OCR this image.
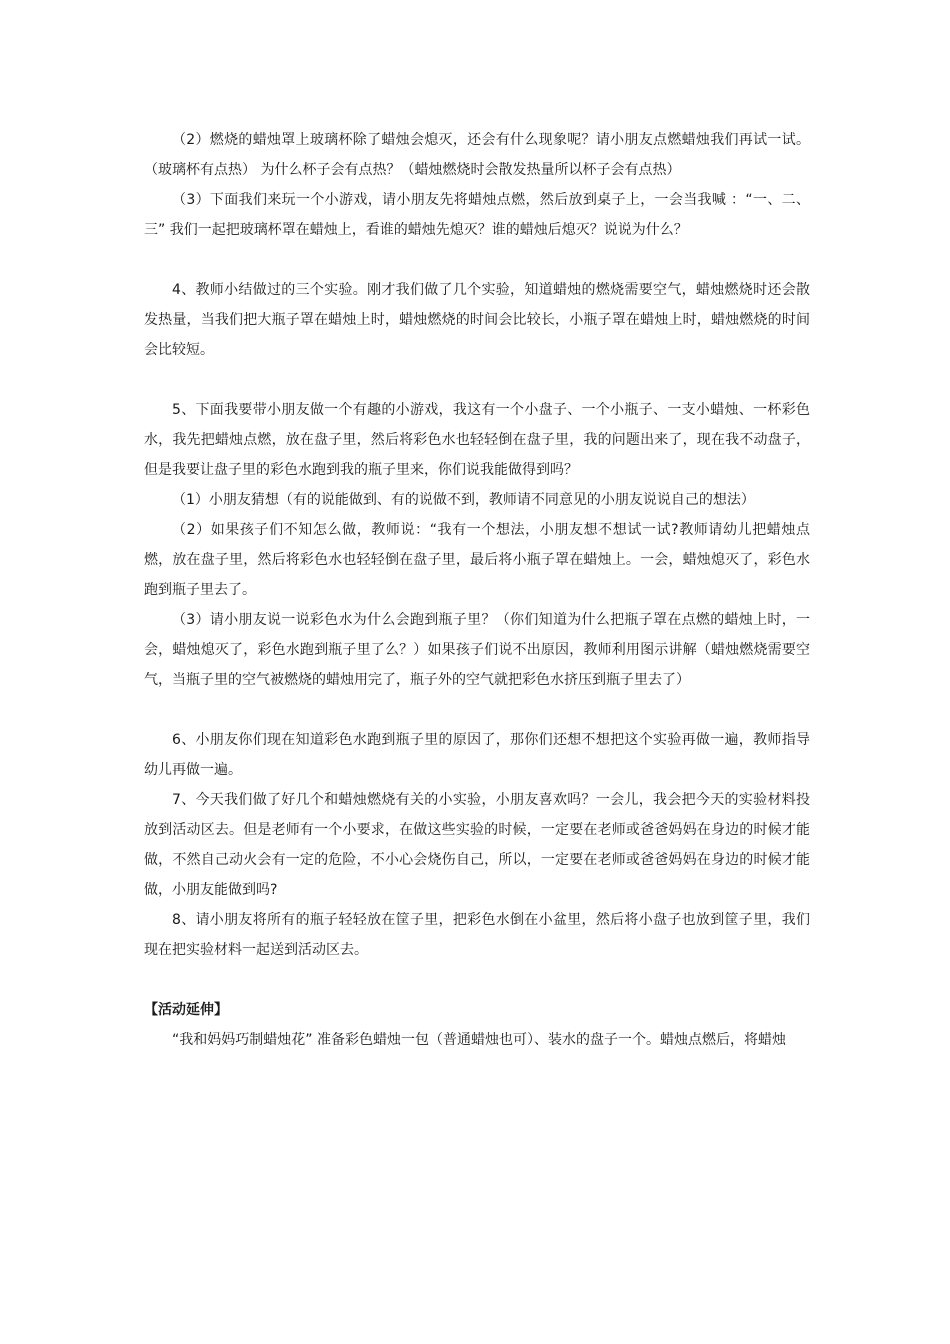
（2）燃烧的蜡烛罩上玻璃杯除了蜡烛会熄灭，还会有什么现象呢？请小朋友点燃蜡烛我们再试一试。（玻璃杯有点热） 为什么杯子会有点热？（蜡烛燃烧时会散发热量所以杯子会有点热）

（3）下面我们来玩一个小游戏，请小朋友先将蜡烛点燃，然后放到桌子上，一会当我喊 ：“一、二、三” 我们一起把玻璃杯罩在蜡烛上，看谁的蜡烛先熄灭？谁的蜡烛后熄灭？说说为什么？

4、教师小结做过的三个实验。刚才我们做了几个实验，知道蜡烛的燃烧需要空气，蜡烛燃烧时还会散发热量，当我们把大瓶子罩在蜡烛上时，蜡烛燃烧的时间会比较长，小瓶子罩在蜡烛上时，蜡烛燃烧的时间会比较短。

5、下面我要带小朋友做一个有趣的小游戏，我这有一个小盘子、一个小瓶子、一支小蜡烛、一杯彩色水，我先把蜡烛点燃，放在盘子里，然后将彩色水也轻轻倒在盘子里，我的问题出来了，现在我不动盘子，但是我要让盘子里的彩色水跑到我的瓶子里来，你们说我能做得到吗？

（1）小朋友猜想（有的说能做到、有的说做不到，教师请不同意见的小朋友说说自己的想法）

（2）如果孩子们不知怎么做，教师说：“我有一个想法，小朋友想不想试一试?教师请幼儿把蜡烛点燃，放在盘子里，然后将彩色水也轻轻倒在盘子里，最后将小瓶子罩在蜡烛上。一会，蜡烛熄灭了，彩色水跑到瓶子里去了。

（3）请小朋友说一说彩色水为什么会跑到瓶子里？（你们知道为什么把瓶子罩在点燃的蜡烛上时，一会，蜡烛熄灭了，彩色水跑到瓶子里了么？）如果孩子们说不出原因，教师利用图示讲解（蜡烛燃烧需要空气，当瓶子里的空气被燃烧的蜡烛用完了，瓶子外的空气就把彩色水挤压到瓶子里去了）

6、小朋友你们现在知道彩色水跑到瓶子里的原因了，那你们还想不想把这个实验再做一遍，教师指导幼儿再做一遍。

7、今天我们做了好几个和蜡烛燃烧有关的小实验，小朋友喜欢吗？一会儿，我会把今天的实验材料投放到活动区去。但是老师有一个小要求，在做这些实验的时候，一定要在老师或爸爸妈妈在身边的时候才能做，不然自己动火会有一定的危险，不小心会烧伤自己，所以，一定要在老师或爸爸妈妈在身边的时候才能做，小朋友能做到吗?

8、请小朋友将所有的瓶子轻轻放在筐子里，把彩色水倒在小盆里，然后将小盘子也放到筐子里，我们现在把实验材料一起送到活动区去。

【活动延伸】

“我和妈妈巧制蜡烛花” 准备彩色蜡烛一包（普通蜡烛也可）、装水的盘子一个。蜡烛点燃后，将蜡烛
